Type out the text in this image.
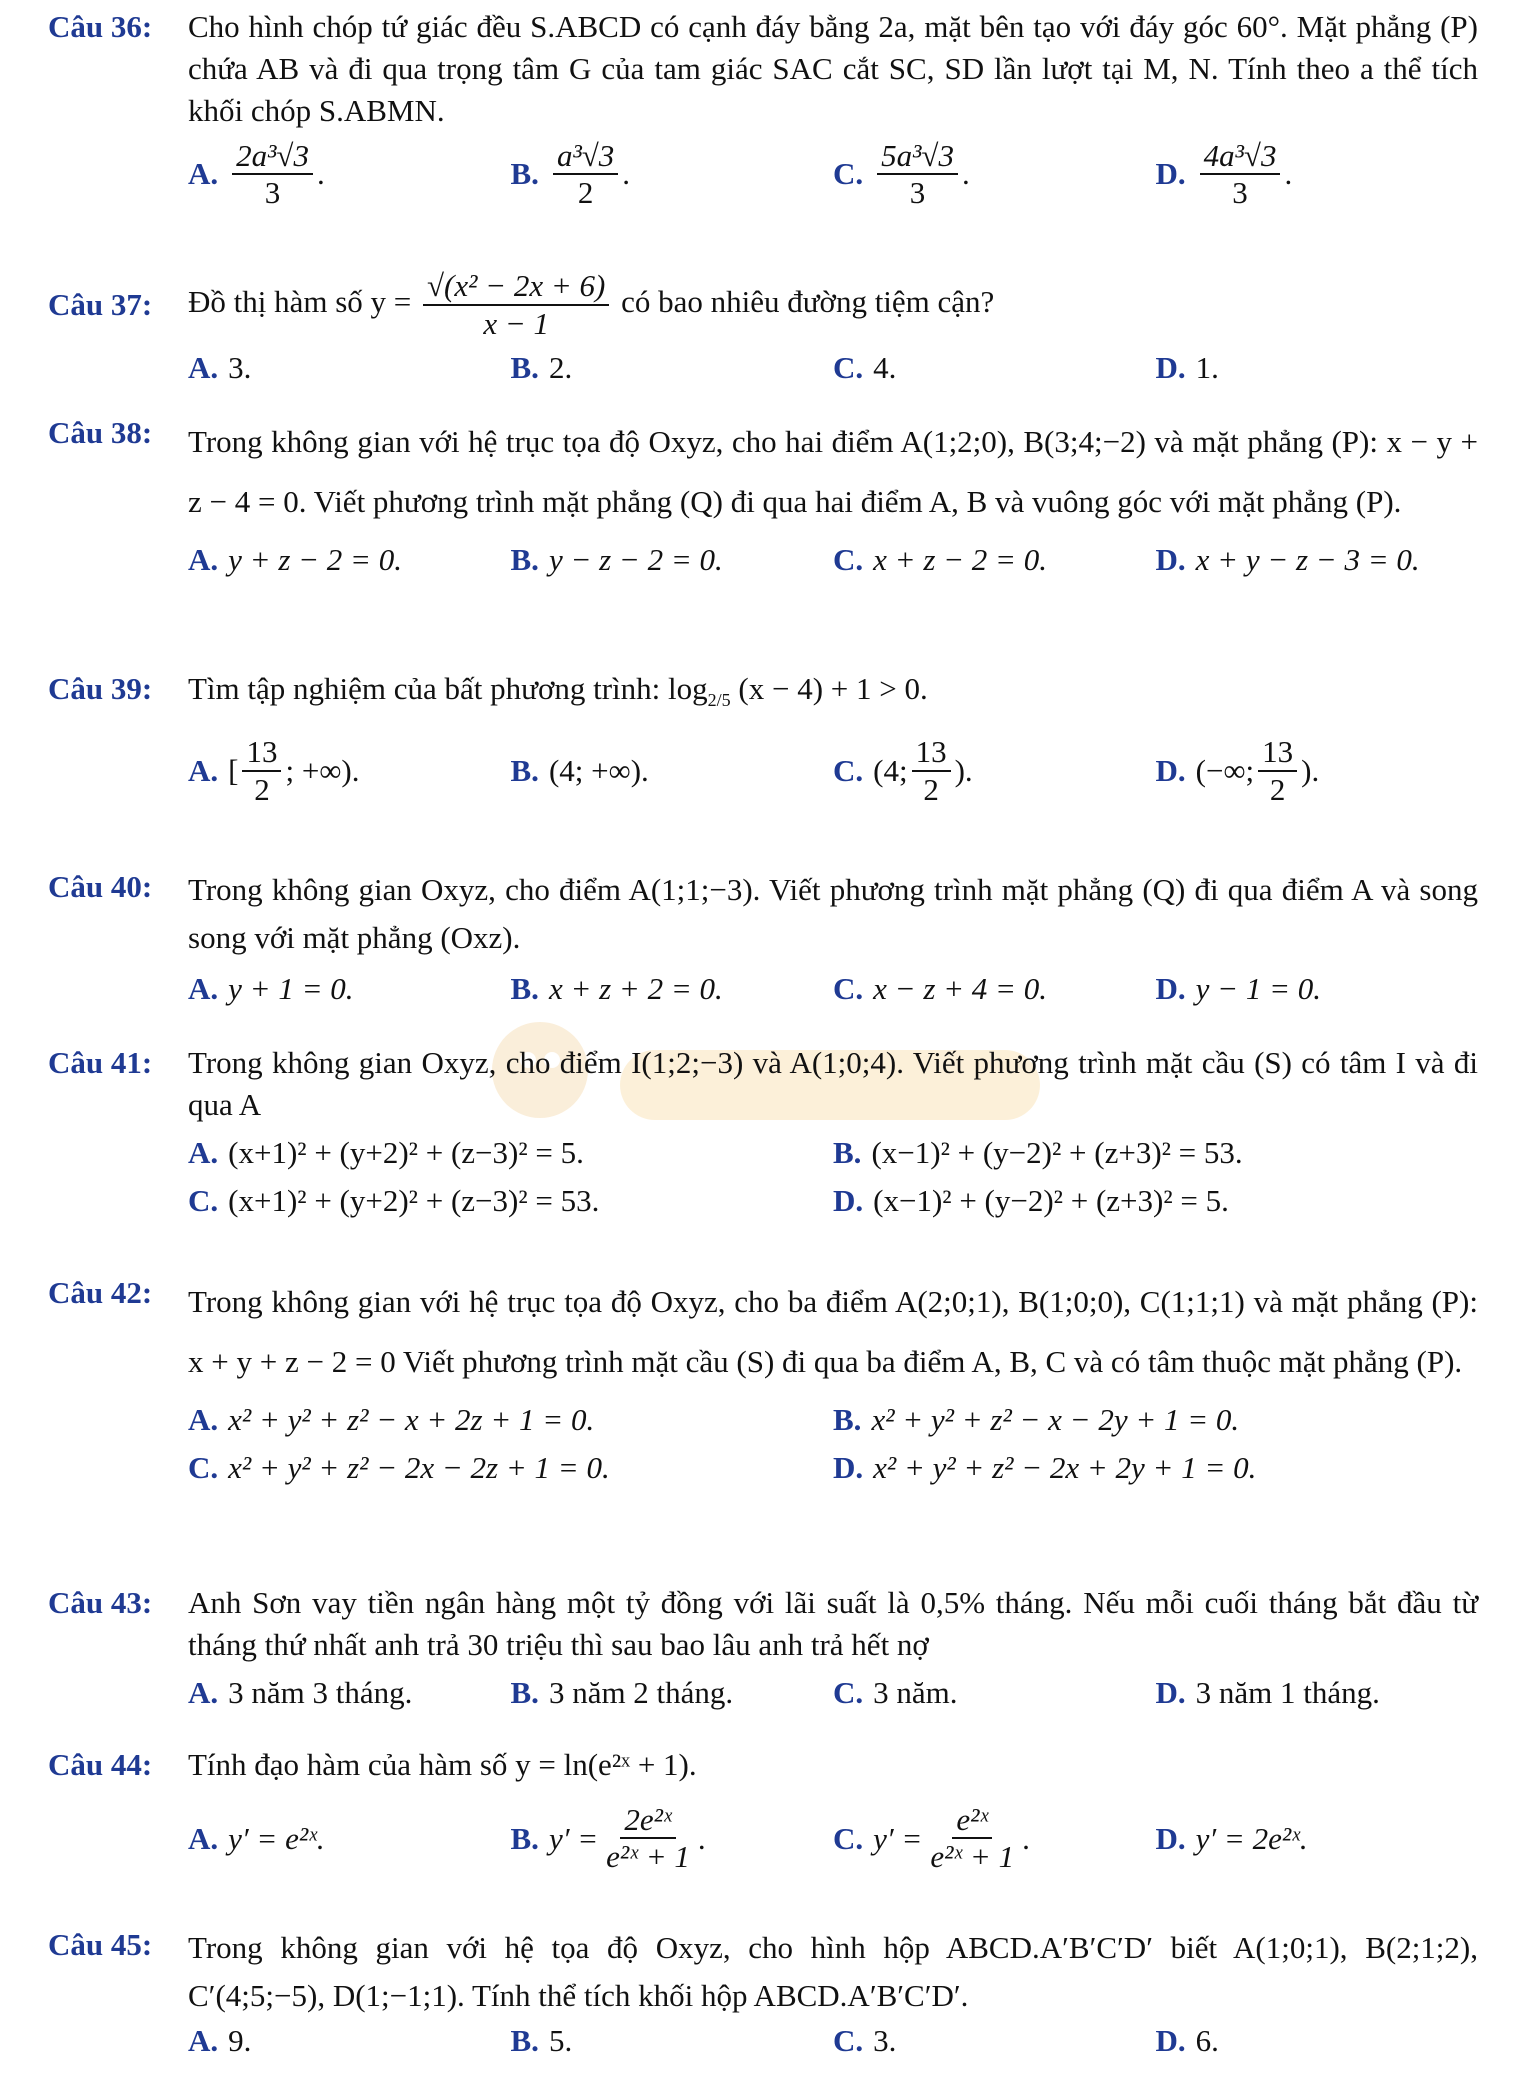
Câu 36:	Cho hình chóp tứ giác đều S.ABCD có cạnh đáy bằng 2a, mặt bên tạo với đáy góc 60°. Mặt phẳng (P) chứa AB và đi qua trọng tâm G của tam giác SAC cắt SC, SD lần lượt tại M, N. Tính theo a thể tích khối chóp S.ABMN.
A. $\frac{\text{2a³√3}}{3}$ .	B. $\frac{\text{a³√3}}{2}$ .	C. $\frac{\text{5a³√3}}{3}$ .	D. $\frac{\text{4a³√3}}{3}$ .
Câu 37:	Đồ thị hàm số $y = \frac{\text{√(x² − 2x + 6)}}{x - 1}$ có bao nhiêu đường tiệm cận?
A. 3.	B. 2.	C. 4.	D. 1.
Câu 38:	Trong không gian với hệ trục tọa độ Oxyz, cho hai điểm A(1;2;0), B(3;4;−2) và mặt phẳng (P): x − y + z − 4 = 0. Viết phương trình mặt phẳng (Q) đi qua hai điểm A, B và vuông góc với mặt phẳng (P).
A. y + z − 2 = 0.	B. y − z − 2 = 0.	C. x + z − 2 = 0.	D. x + y − z − 3 = 0.
Câu 39:	Tìm tập nghiệm của bất phương trình: $\log_{2/5} (x - 4) + 1 > 0$.
A. [ $\frac{13}{2}$ ; +∞).	B. (4; +∞).	C. (4; $\frac{13}{2}$ ).	D. (−∞; $\frac{13}{2}$ ).
Câu 40:	Trong không gian Oxyz, cho điểm A(1;1;−3). Viết phương trình mặt phẳng (Q) đi qua điểm A và song song với mặt phẳng (Oxz).
A. y + 1 = 0.	B. x + z + 2 = 0.	C. x − z + 4 = 0.	D. y − 1 = 0.
Câu 41:	Trong không gian Oxyz, cho điểm I(1;2;−3) và A(1;0;4). Viết phương trình mặt cầu (S) có tâm I và đi qua A
A. (x+1)² + (y+2)² + (z−3)² = 5.	B. (x−1)² + (y−2)² + (z+3)² = 53.
C. (x+1)² + (y+2)² + (z−3)² = 53.	D. (x−1)² + (y−2)² + (z+3)² = 5.
Câu 42:	Trong không gian với hệ trục tọa độ Oxyz, cho ba điểm A(2;0;1), B(1;0;0), C(1;1;1) và mặt phẳng (P): x + y + z − 2 = 0 Viết phương trình mặt cầu (S) đi qua ba điểm A, B, C và có tâm thuộc mặt phẳng (P).
A. x² + y² + z² − x + 2z + 1 = 0.	B. x² + y² + z² − x − 2y + 1 = 0.
C. x² + y² + z² − 2x − 2z + 1 = 0.	D. x² + y² + z² − 2x + 2y + 1 = 0.
Câu 43:	Anh Sơn vay tiền ngân hàng một tỷ đồng với lãi suất là 0,5% tháng. Nếu mỗi cuối tháng bắt đầu từ tháng thứ nhất anh trả 30 triệu thì sau bao lâu anh trả hết nợ
A. 3 năm 3 tháng.	B. 3 năm 2 tháng.	C. 3 năm.	D. 3 năm 1 tháng.
Câu 44:	Tính đạo hàm của hàm số y = ln(e²ˣ + 1).
A. y′ = e²ˣ.	B. $y' = \frac{\text{2e²ˣ}}{\text{e²ˣ + 1}}$ .	C. $y' = \frac{\text{e²ˣ}}{\text{e²ˣ + 1}}$ .	D. y′ = 2e²ˣ.
Câu 45:	Trong không gian với hệ tọa độ Oxyz, cho hình hộp ABCD.A′B′C′D′ biết A(1;0;1), B(2;1;2), C′(4;5;−5), D(1;−1;1). Tính thể tích khối hộp ABCD.A′B′C′D′.
A. 9.	B. 5.	C. 3.	D. 6.
